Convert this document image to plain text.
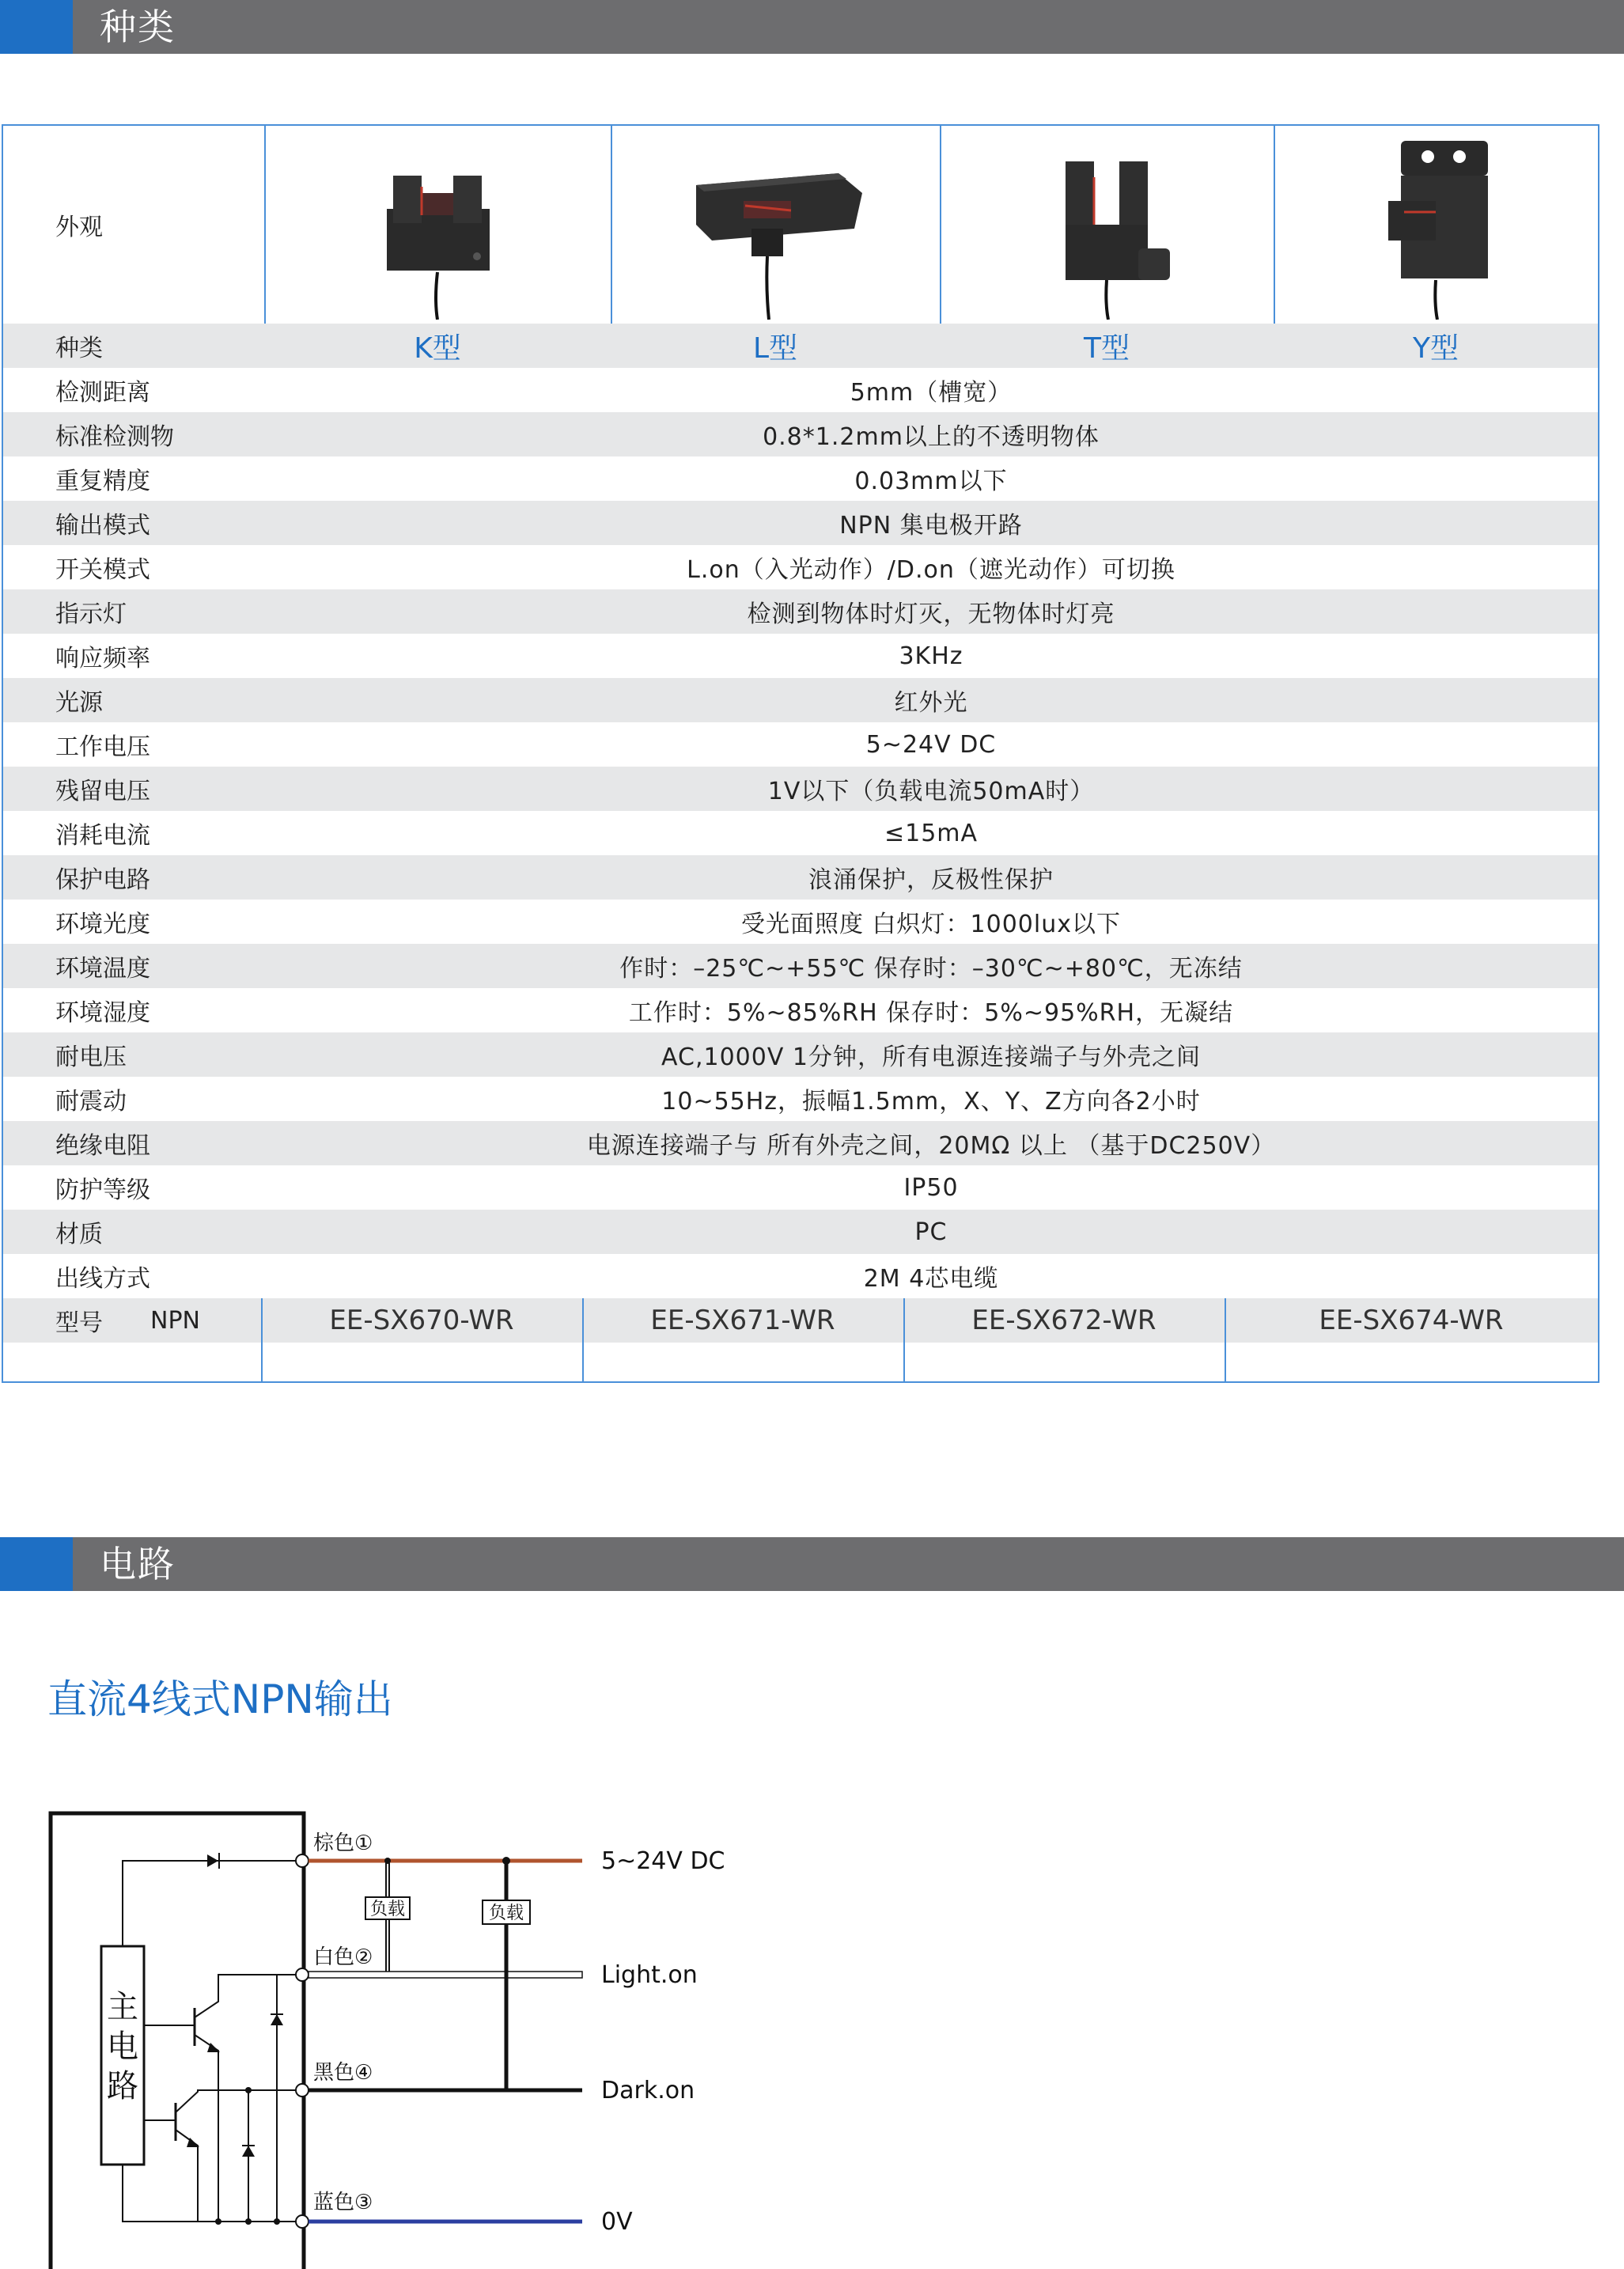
种类
外观
种类	K型	L型	T型	Y型
检测距离	5mm（槽宽）
标准检测物	0.8*1.2mm以上的不透明物体
重复精度	0.03mm以下
输出模式	NPN 集电极开路
开关模式	L.on（入光动作）/D.on（遮光动作）可切换
指示灯	检测到物体时灯灭，无物体时灯亮
响应频率	3KHz
光源	红外光
工作电压	5~24V DC
残留电压	1V以下（负载电流50mA时）
消耗电流	≤15mA
保护电路	浪涌保护，反极性保护
环境光度	受光面照度 白炽灯：1000lux以下
环境温度	作时：–25℃~+55℃ 保存时：–30℃~+80℃，无冻结
环境湿度	工作时：5%~85%RH 保存时：5%~95%RH，无凝结
耐电压	AC,1000V 1分钟，所有电源连接端子与外壳之间
耐震动	10~55Hz，振幅1.5mm，X、Y、Z方向各2小时
绝缘电阻	电源连接端子与 所有外壳之间，20MΩ 以上 （基于DC250V）
防护等级	IP50
材质	PC
出线方式	2M 4芯电缆
型号 NPN	EE-SX670-WR	EE-SX671-WR	EE-SX672-WR	EE-SX674-WR
电路
直流4线式NPN输出
主
电
路
棕色①
白色②
黑色④
蓝色③
负载	负载
5~24V DC
Light.on
Dark.on
0V
